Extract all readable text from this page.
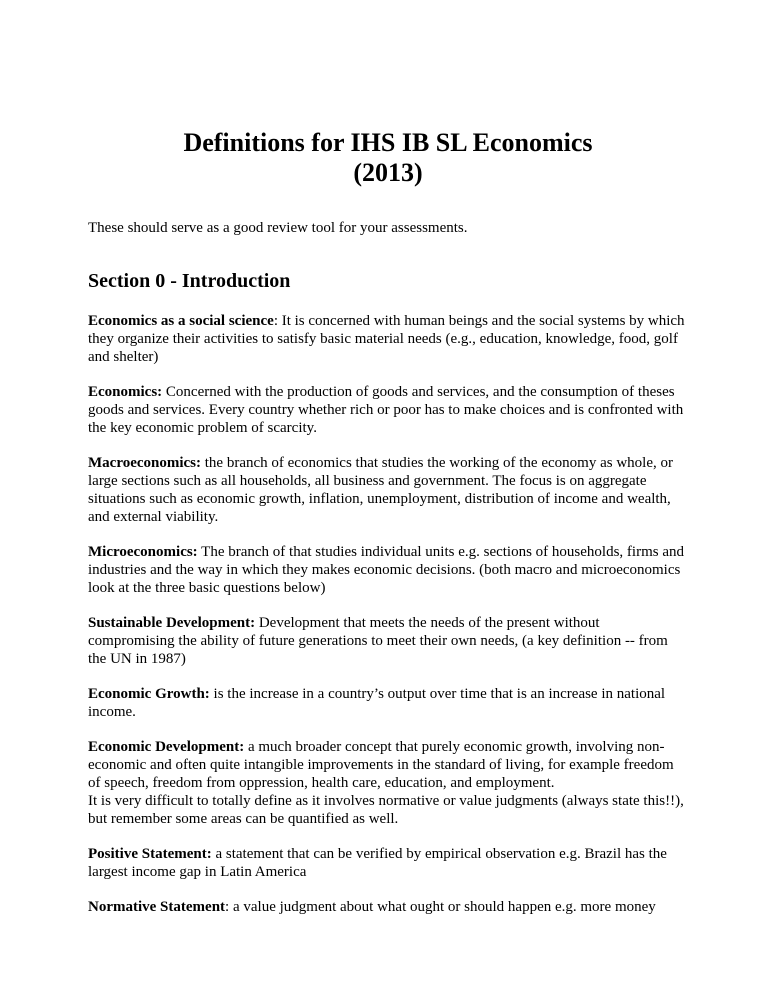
Definitions for IHS IB SL Economics
(2013)

These should serve as a good review tool for your assessments.

Section 0 - Introduction

Economics as a social science: It is concerned with human beings and the social systems by which they organize their activities to satisfy basic material needs (e.g., education, knowledge, food, golf and shelter)

Economics: Concerned with the production of goods and services, and the consumption of theses goods and services. Every country whether rich or poor has to make choices and is confronted with the key economic problem of scarcity.

Macroeconomics: the branch of economics that studies the working of the economy as whole, or large sections such as all households, all business and government. The focus is on aggregate situations such as economic growth, inflation, unemployment, distribution of income and wealth, and external viability.

Microeconomics: The branch of that studies individual units e.g. sections of households, firms and industries and the way in which they makes economic decisions. (both macro and microeconomics look at the three basic questions below)

Sustainable Development: Development that meets the needs of the present without compromising the ability of future generations to meet their own needs, (a key definition -- from the UN in 1987)

Economic Growth: is the increase in a country’s output over time that is an increase in national income.

Economic Development: a much broader concept that purely economic growth, involving non-economic and often quite intangible improvements in the standard of living, for example freedom of speech, freedom from oppression, health care, education, and employment.
It is very difficult to totally define as it involves normative or value judgments (always state this!!), but remember some areas can be quantified as well.

Positive Statement: a statement that can be verified by empirical observation e.g. Brazil has the largest income gap in Latin America

Normative Statement: a value judgment about what ought or should happen e.g. more money
